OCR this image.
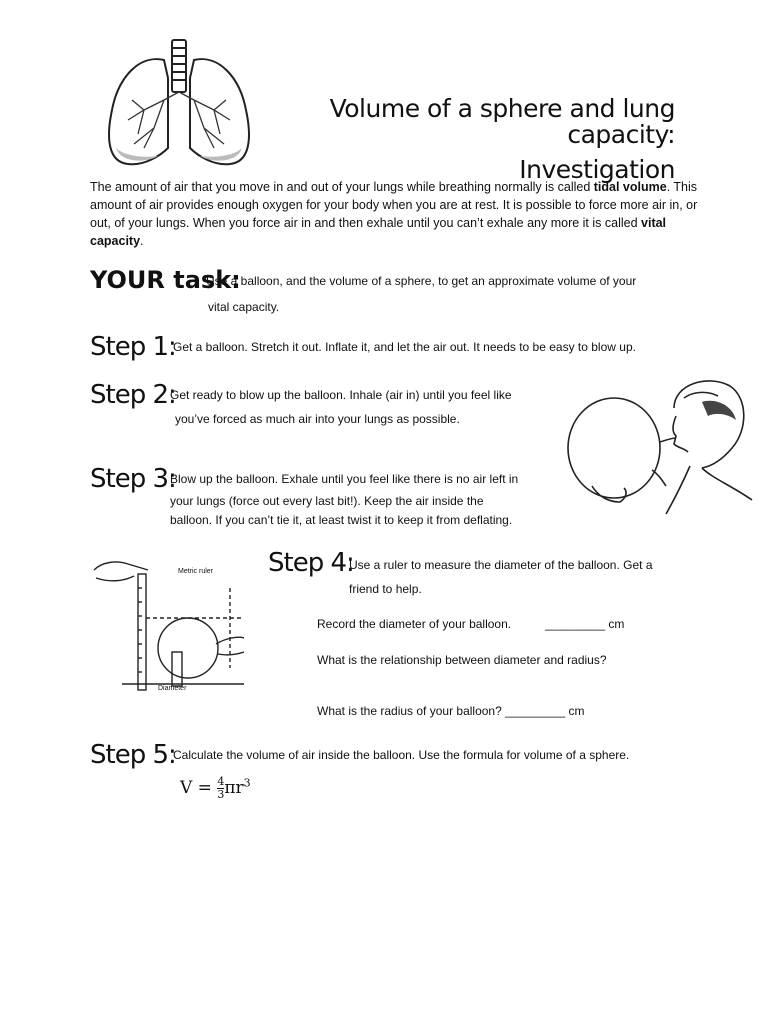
Volume of a sphere and lung capacity:
Investigation
The amount of air that you move in and out of your lungs while breathing normally is called tidal volume. This amount of air provides enough oxygen for your body when you are at rest. It is possible to force more air in, or out, of your lungs. When you force air in and then exhale until you can’t exhale any more it is called vital capacity.
YOUR task:
Use a balloon, and the volume of a sphere, to get an approximate volume of your
vital capacity.
Step 1:
Get a balloon. Stretch it out. Inflate it, and let the air out. It needs to be easy to blow up.
Step 2:
Get ready to blow up the balloon. Inhale (air in) until you feel like
you’ve forced as much air into your lungs as possible.
Step 3:
Blow up the balloon. Exhale until you feel like there is no air left in
your lungs (force out every last bit!). Keep the air inside the
balloon. If you can’t tie it, at least twist it to keep it from deflating.
Metric ruler
Diameter
Step 4:
Use a ruler to measure the diameter of the balloon. Get a
friend to help.
Record the diameter of your balloon.	_________ cm
What is the relationship between diameter and radius?
What is the radius of your balloon? _________ cm
Step 5:
Calculate the volume of air inside the balloon. Use the formula for volume of a sphere.
$V = \frac{4}{3} \pi r^3$
